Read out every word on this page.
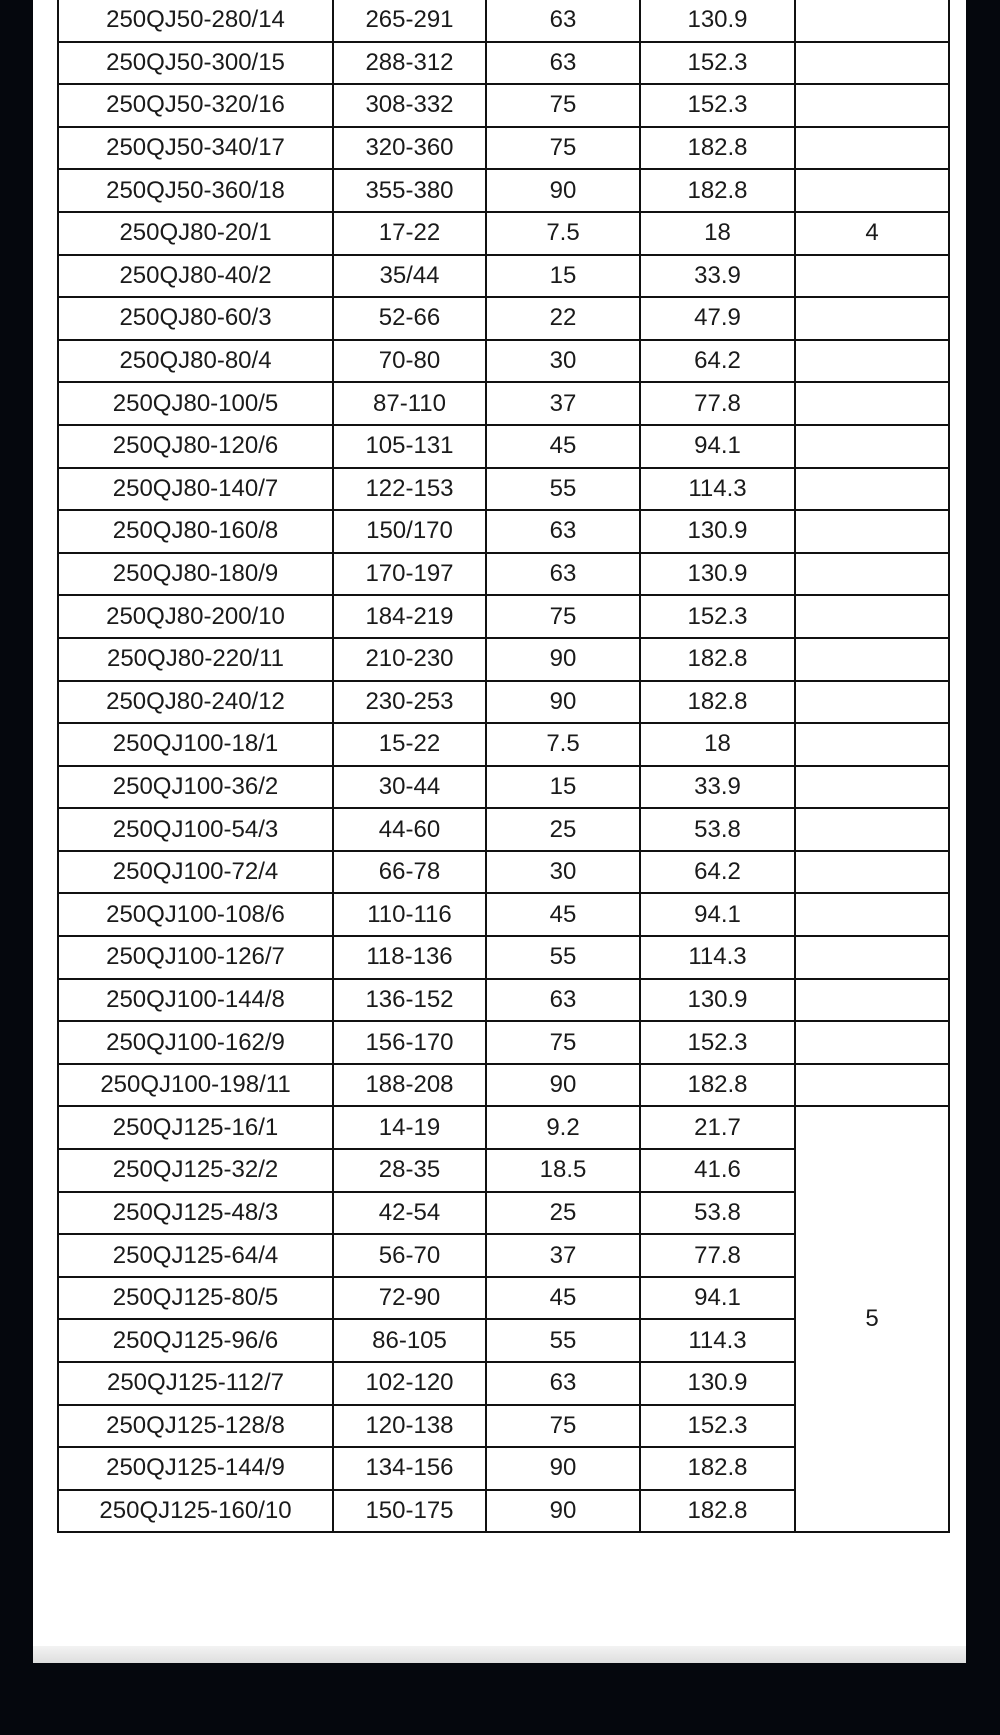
250QJ50-280/14	265-291	63	130.9	
250QJ50-300/15	288-312	63	152.3	
250QJ50-320/16	308-332	75	152.3	
250QJ50-340/17	320-360	75	182.8	
250QJ50-360/18	355-380	90	182.8	
250QJ80-20/1	17-22	7.5	18	4
250QJ80-40/2	35/44	15	33.9	
250QJ80-60/3	52-66	22	47.9	
250QJ80-80/4	70-80	30	64.2	
250QJ80-100/5	87-110	37	77.8	
250QJ80-120/6	105-131	45	94.1	
250QJ80-140/7	122-153	55	114.3	
250QJ80-160/8	150/170	63	130.9	
250QJ80-180/9	170-197	63	130.9	
250QJ80-200/10	184-219	75	152.3	
250QJ80-220/11	210-230	90	182.8	
250QJ80-240/12	230-253	90	182.8	
250QJ100-18/1	15-22	7.5	18	
250QJ100-36/2	30-44	15	33.9	
250QJ100-54/3	44-60	25	53.8	
250QJ100-72/4	66-78	30	64.2	
250QJ100-108/6	110-116	45	94.1	
250QJ100-126/7	118-136	55	114.3	
250QJ100-144/8	136-152	63	130.9	
250QJ100-162/9	156-170	75	152.3	
250QJ100-198/11	188-208	90	182.8	
250QJ125-16/1	14-19	9.2	21.7	5
250QJ125-32/2	28-35	18.5	41.6	
250QJ125-48/3	42-54	25	53.8	
250QJ125-64/4	56-70	37	77.8	
250QJ125-80/5	72-90	45	94.1	
250QJ125-96/6	86-105	55	114.3	
250QJ125-112/7	102-120	63	130.9	
250QJ125-128/8	120-138	75	152.3	
250QJ125-144/9	134-156	90	182.8	
250QJ125-160/10	150-175	90	182.8	
